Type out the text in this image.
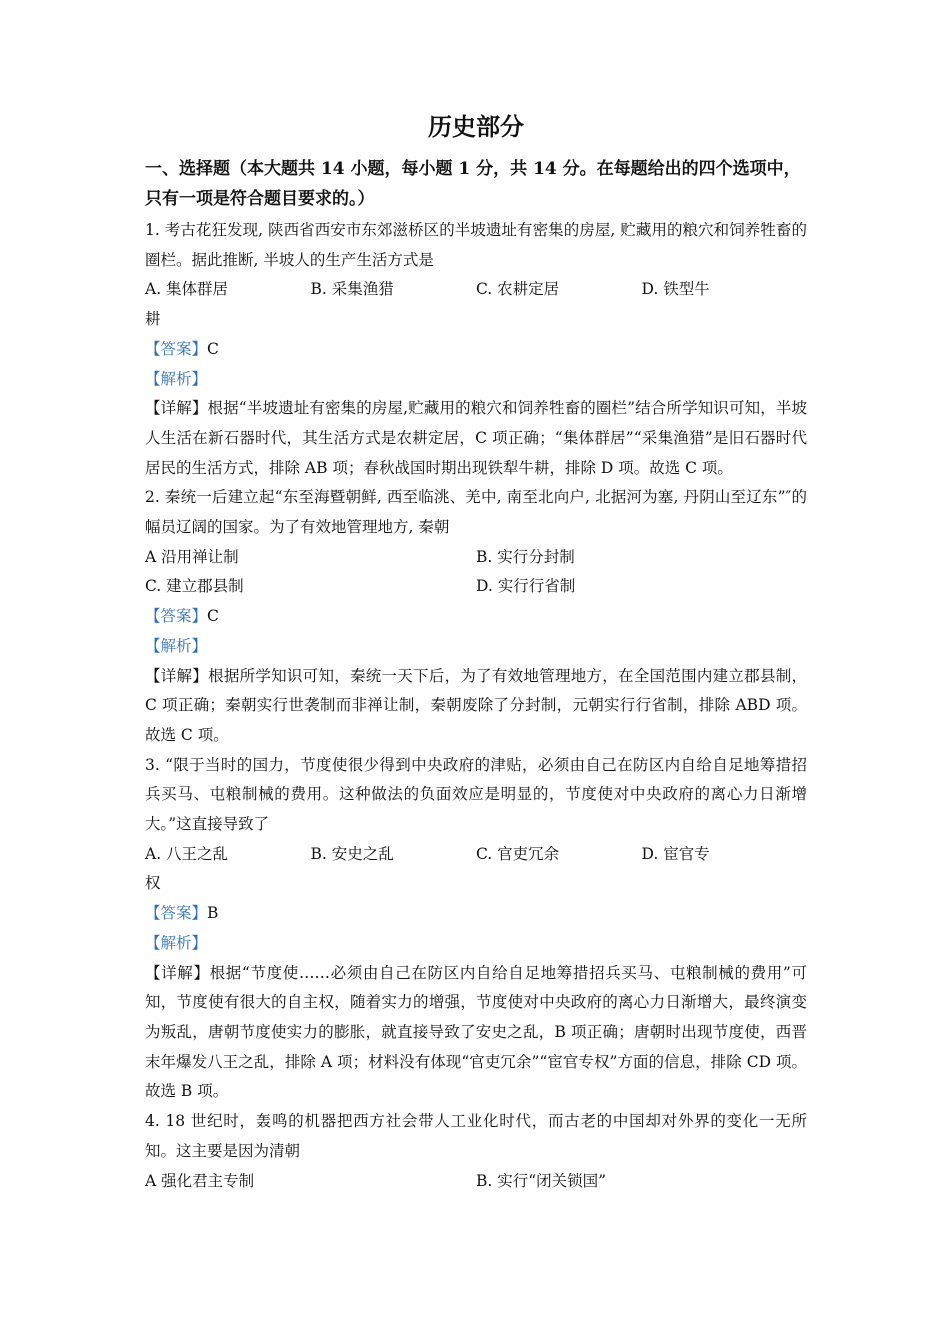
历史部分
一、选择题（本大题共 14 小题，每小题 1 分，共 14 分。在每题给出的四个选项中，只有一项是符合题目要求的。）

1. 考古花狂发现, 陕西省西安市东郊滋桥区的半坡遗址有密集的房屋, 贮藏用的粮穴和饲养牲畜的圈栏。据此推断, 半坡人的生产生活方式是

A. 集体群居	B. 采集渔猎	C. 农耕定居	D. 铁型牛

耕

【答案】C

【解析】

【详解】根据“半坡遗址有密集的房屋,贮藏用的粮穴和饲养牲畜的圈栏”结合所学知识可知，半坡人生活在新石器时代，其生活方式是农耕定居，C 项正确；“集体群居”“采集渔猎”是旧石器时代居民的生活方式，排除 AB 项；春秋战国时期出现铁犁牛耕，排除 D 项。故选 C 项。

2. 秦统一后建立起“东至海暨朝鲜, 西至临洮、羌中, 南至北向户, 北据河为塞, 丹阴山至辽东”″的幅员辽阔的国家。为了有效地管理地方, 秦朝

A 沿用禅让制	B. 实行分封制
C. 建立郡县制	D. 实行行省制

【答案】C

【解析】

【详解】根据所学知识可知，秦统一天下后，为了有效地管理地方，在全国范围内建立郡县制，C 项正确；秦朝实行世袭制而非禅让制，秦朝废除了分封制，元朝实行行省制，排除 ABD 项。故选 C 项。

3. “限于当时的国力，节度使很少得到中央政府的津贴，必须由自己在防区内自给自足地筹措招兵买马、屯粮制械的费用。这种做法的负面效应是明显的，节度使对中央政府的离心力日渐增大。”这直接导致了

A. 八王之乱	B. 安史之乱	C. 官吏冗余	D. 宦官专

权

【答案】B

【解析】

【详解】根据“节度使……必须由自己在防区内自给自足地筹措招兵买马、屯粮制械的费用”可知，节度使有很大的自主权，随着实力的增强，节度使对中央政府的离心力日渐增大，最终演变为叛乱，唐朝节度使实力的膨胀，就直接导致了安史之乱，B 项正确；唐朝时出现节度使，西晋末年爆发八王之乱，排除 A 项；材料没有体现“官吏冗余”“宦官专权”方面的信息，排除 CD 项。故选 B 项。

4. 18 世纪时，轰鸣的机器把西方社会带人工业化时代，而古老的中国却对外界的变化一无所知。这主要是因为清朝

A 强化君主专制	B. 实行“闭关锁国”
